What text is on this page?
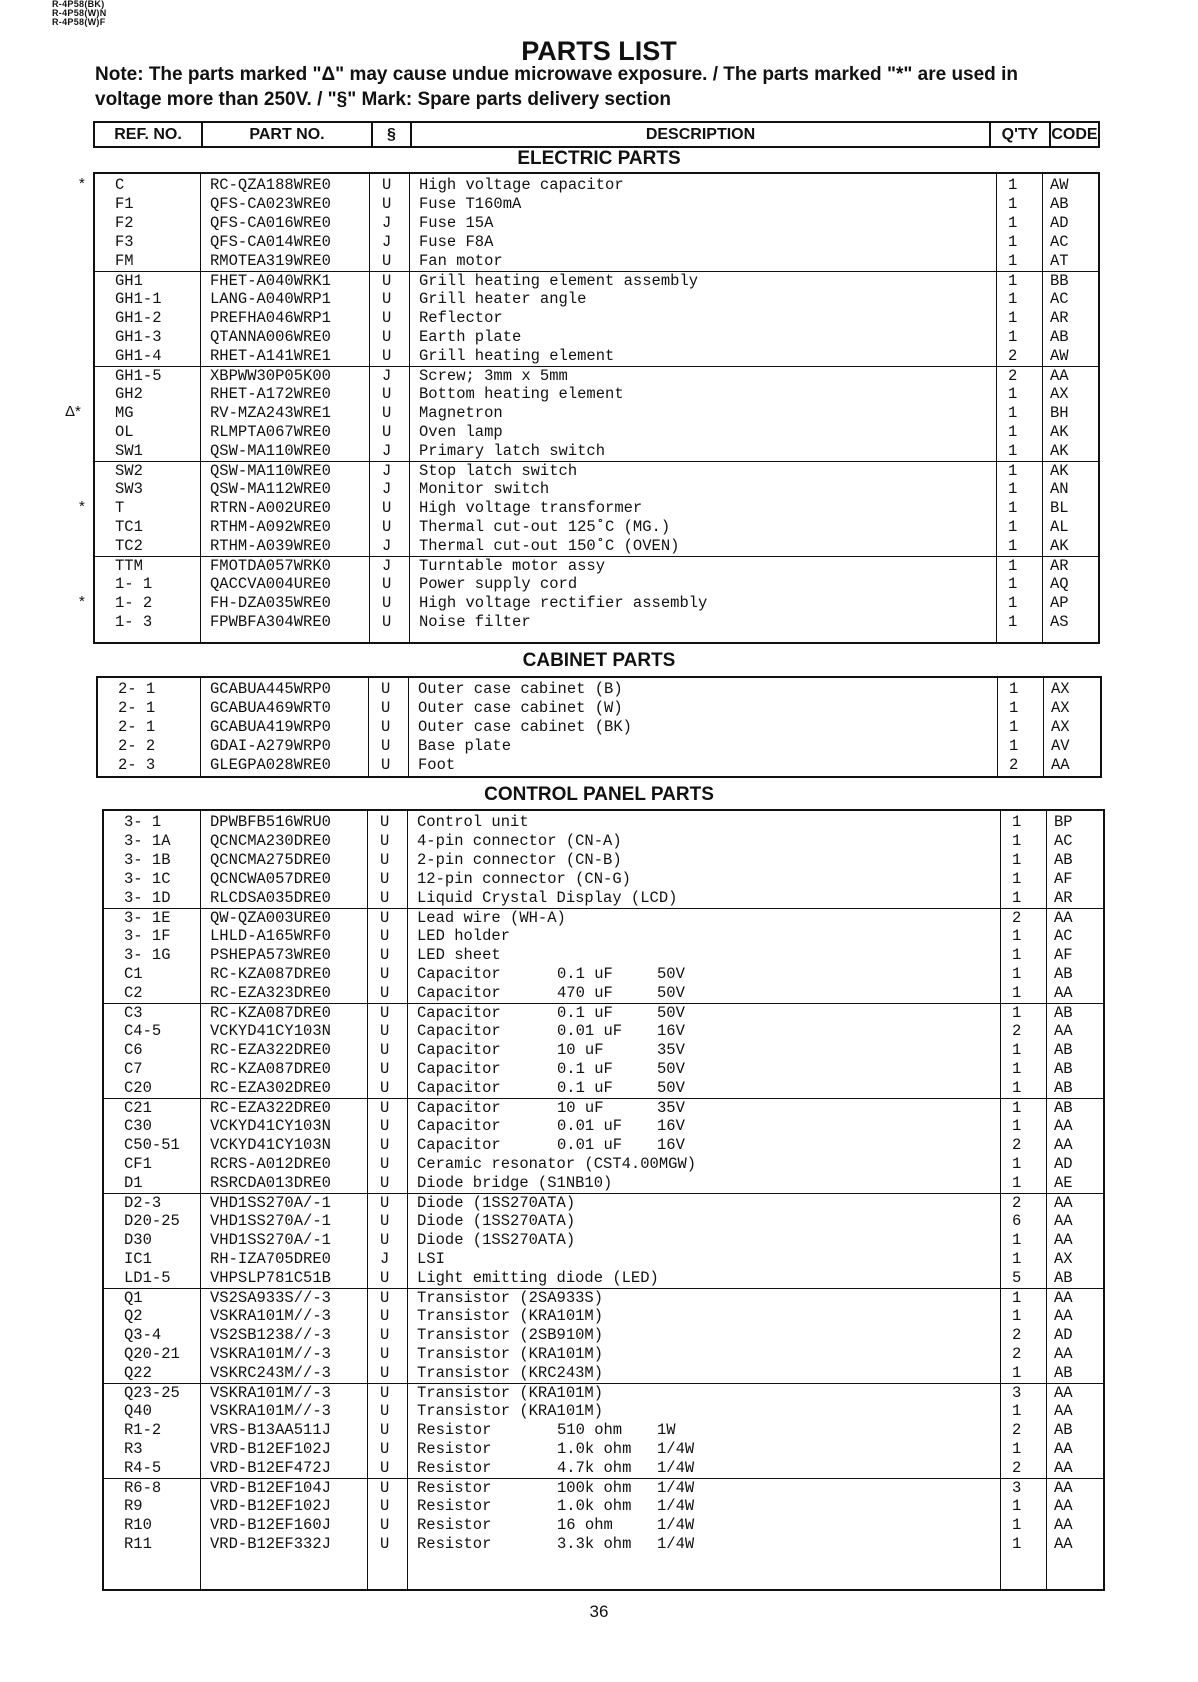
R-4P58(BK)
R-4P58(W)N
R-4P58(W)F
PARTS LIST
Note: The parts marked "Δ" may cause undue microwave exposure. / The parts marked "*" are used in
voltage more than 250V. / "§" Mark: Spare parts delivery section
REF. NO.	PART NO.	§	DESCRIPTION	Q'TY CODE
ELECTRIC PARTS
C	RC-QZA188WRE0	U High voltage capacitor	1 AW
F1	QFS-CA023WRE0	U Fuse T160mA	1 AB
F2	QFS-CA016WRE0	J Fuse 15A	1 AD
F3	QFS-CA014WRE0	J Fuse F8A	1 AC
FM	RMOTEA319WRE0	U Fan motor	1 AT
GH1	FHET-A040WRK1	U Grill heating element assembly	1 BB
GH1-1	LANG-A040WRP1	U Grill heater angle	1 AC
GH1-2	PREFHA046WRP1	U Reflector	1 AR
GH1-3	QTANNA006WRE0	U Earth plate	1 AB
GH1-4	RHET-A141WRE1	U Grill heating element	2 AW
GH1-5	XBPWW30P05K00	J Screw; 3mm x 5mm	2 AA
GH2	RHET-A172WRE0	U Bottom heating element	1 AX
MG	RV-MZA243WRE1	U Magnetron	1 BH
OL	RLMPTA067WRE0	U Oven lamp	1 AK
SW1	QSW-MA110WRE0	J Primary latch switch	1 AK
SW2	QSW-MA110WRE0	J Stop latch switch	1 AK
SW3	QSW-MA112WRE0	J Monitor switch	1 AN
T	RTRN-A002URE0	U High voltage transformer	1 BL
TC1	RTHM-A092WRE0	U Thermal cut-out 125˚C (MG.)	1 AL
TC2	RTHM-A039WRE0	J Thermal cut-out 150˚C (OVEN)	1 AK
TTM	FMOTDA057WRK0	J Turntable motor assy	1 AR
1- 1	QACCVA004URE0	U Power supply cord	1 AQ
1- 2	FH-DZA035WRE0	U High voltage rectifier assembly	1 AP
1- 3	FPWBFA304WRE0	U Noise filter	1 AS
CABINET PARTS
2- 1	GCABUA445WRP0	U Outer case cabinet (B)	1 AX
2- 1	GCABUA469WRT0	U Outer case cabinet (W)	1 AX
2- 1	GCABUA419WRP0	U Outer case cabinet (BK)	1 AX
2- 2	GDAI-A279WRP0	U Base plate	1 AV
2- 3	GLEGPA028WRE0	U Foot	2 AA
CONTROL PANEL PARTS
3- 1	DPWBFB516WRU0	U Control unit	1 BP
3- 1A	QCNCMA230DRE0	U 4-pin connector (CN-A)	1 AC
3- 1B	QCNCMA275DRE0	U 2-pin connector (CN-B)	1 AB
3- 1C	QCNCWA057DRE0	U 12-pin connector (CN-G)	1 AF
3- 1D	RLCDSA035DRE0	U Liquid Crystal Display (LCD)	1 AR
3- 1E	QW-QZA003URE0	U Lead wire (WH-A)	2 AA
3- 1F	LHLD-A165WRF0	U LED holder	1 AC
3- 1G	PSHEPA573WRE0	U LED sheet	1 AF
C1	RC-KZA087DRE0	U Capacitor	0.1 uF	50V	1 AB
C2	RC-EZA323DRE0	U Capacitor	470 uF	50V	1 AA
C3	RC-KZA087DRE0	U Capacitor	0.1 uF	50V	1 AB
C4-5	VCKYD41CY103N	U Capacitor	0.01 uF 16V	2 AA
C6	RC-EZA322DRE0	U Capacitor	10 uF	35V	1 AB
C7	RC-KZA087DRE0	U Capacitor	0.1 uF	50V	1 AB
C20	RC-EZA302DRE0	U Capacitor	0.1 uF	50V	1 AB
C21	RC-EZA322DRE0	U Capacitor	10 uF	35V	1 AB
C30	VCKYD41CY103N	U Capacitor	0.01 uF 16V	1 AA
C50-51 VCKYD41CY103N	U Capacitor	0.01 uF 16V	2 AA
CF1	RCRS-A012DRE0	U Ceramic resonator (CST4.00MGW)	1 AD
D1	RSRCDA013DRE0	U Diode bridge (S1NB10)	1 AE
D2-3	VHD1SS270A/-1	U Diode (1SS270ATA)	2 AA
D20-25 VHD1SS270A/-1	U Diode (1SS270ATA)	6 AA
D30	VHD1SS270A/-1	U Diode (1SS270ATA)	1 AA
IC1	RH-IZA705DRE0	J LSI	1 AX
LD1-5	VHPSLP781C51B	U Light emitting diode (LED)	5 AB
Q1	VS2SA933S//-3	U Transistor (2SA933S)	1 AA
Q2	VSKRA101M//-3	U Transistor (KRA101M)	1 AA
Q3-4	VS2SB1238//-3	U Transistor (2SB910M)	2 AD
Q20-21 VSKRA101M//-3	U Transistor (KRA101M)	2 AA
Q22	VSKRC243M//-3	U Transistor (KRC243M)	1 AB
Q23-25 VSKRA101M//-3	U Transistor (KRA101M)	3 AA
Q40	VSKRA101M//-3	U Transistor (KRA101M)	1 AA
R1-2	VRS-B13AA511J	U Resistor	510 ohm 1W	2 AB
R3	VRD-B12EF102J	U Resistor	1.0k ohm 1/4W	1 AA
R4-5	VRD-B12EF472J	U Resistor	4.7k ohm 1/4W	2 AA
R6-8	VRD-B12EF104J	U Resistor	100k ohm 1/4W	3 AA
R9	VRD-B12EF102J	U Resistor	1.0k ohm 1/4W	1 AA
R10	VRD-B12EF160J	U Resistor	16 ohm	1/4W	1 AA
R11	VRD-B12EF332J	U Resistor	3.3k ohm 1/4W	1 AA
36
*
Δ*
*
*
